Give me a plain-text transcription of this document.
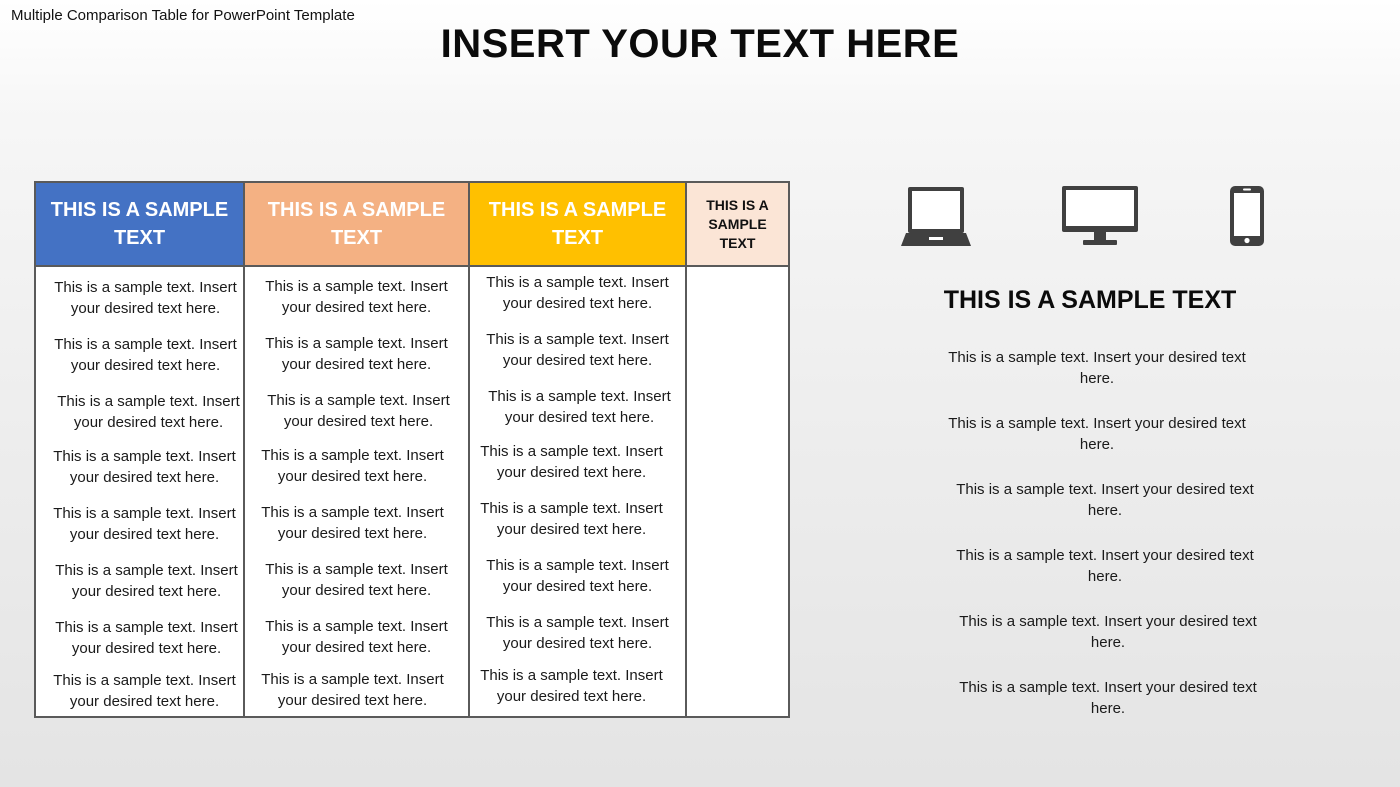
Multiple Comparison Table for PowerPoint Template
INSERT YOUR TEXT HERE
THIS IS A SAMPLE TEXT
This is a sample text. Insert your desired text here.
This is a sample text. Insert your desired text here.
This is a sample text. Insert your desired text here.
This is a sample text. Insert your desired text here.
This is a sample text. Insert your desired text here.
This is a sample text. Insert your desired text here.
This is a sample text. Insert your desired text here.
This is a sample text. Insert your desired text here.
THIS IS A SAMPLE TEXT
This is a sample text. Insert your desired text here.
This is a sample text. Insert your desired text here.
This is a sample text. Insert your desired text here.
This is a sample text. Insert your desired text here.
This is a sample text. Insert your desired text here.
This is a sample text. Insert your desired text here.
This is a sample text. Insert your desired text here.
This is a sample text. Insert your desired text here.
THIS IS A SAMPLE TEXT
This is a sample text. Insert your desired text here.
This is a sample text. Insert your desired text here.
This is a sample text. Insert your desired text here.
This is a sample text. Insert your desired text here.
This is a sample text. Insert your desired text here.
This is a sample text. Insert your desired text here.
This is a sample text. Insert your desired text here.
This is a sample text. Insert your desired text here.
THIS IS A SAMPLE TEXT
THIS IS A SAMPLE TEXT
This is a sample text. Insert your desired text here.
This is a sample text. Insert your desired text here.
This is a sample text. Insert your desired text here.
This is a sample text. Insert your desired text here.
This is a sample text. Insert your desired text here.
This is a sample text. Insert your desired text here.
